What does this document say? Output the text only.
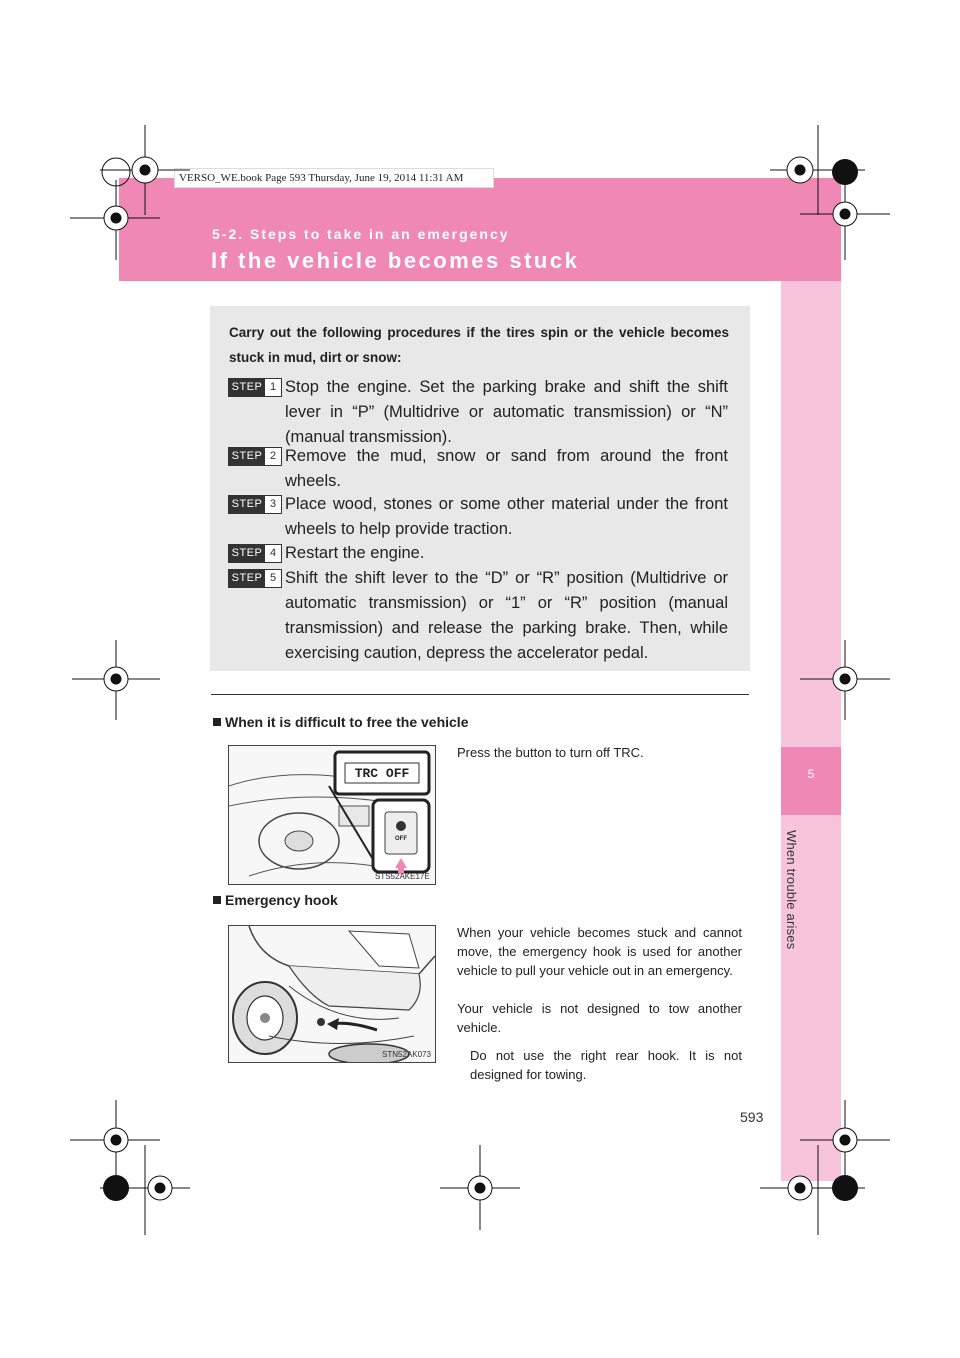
5-2. Steps to take in an emergency
If the vehicle becomes stuck
VERSO_WE.book Page 593 Thursday, June 19, 2014 11:31 AM
5
When trouble arises
Carry out the following procedures if the tires spin or the vehicle becomes stuck in mud, dirt or snow:
STEP 1 Stop the engine. Set the parking brake and shift the shift lever in “P” (Multidrive or automatic transmission) or “N” (manual transmission).
STEP 2 Remove the mud, snow or sand from around the front wheels.
STEP 3 Place wood, stones or some other material under the front wheels to help provide traction.
STEP 4 Restart the engine.
STEP 5 Shift the shift lever to the “D” or “R” position (Multidrive or automatic transmission) or “1” or “R” position (manual transmission) and release the parking brake. Then, while exercising caution, depress the accelerator pedal.
When it is difficult to free the vehicle
TRC OFF
OFF
STS52AKE17E
Press the button to turn off TRC.
Emergency hook
STN52AK073
When your vehicle becomes stuck and cannot move, the emergency hook is used for another vehicle to pull your vehicle out in an emergency.
Your vehicle is not designed to tow another vehicle.
Do not use the right rear hook. It is not designed for towing.
593
